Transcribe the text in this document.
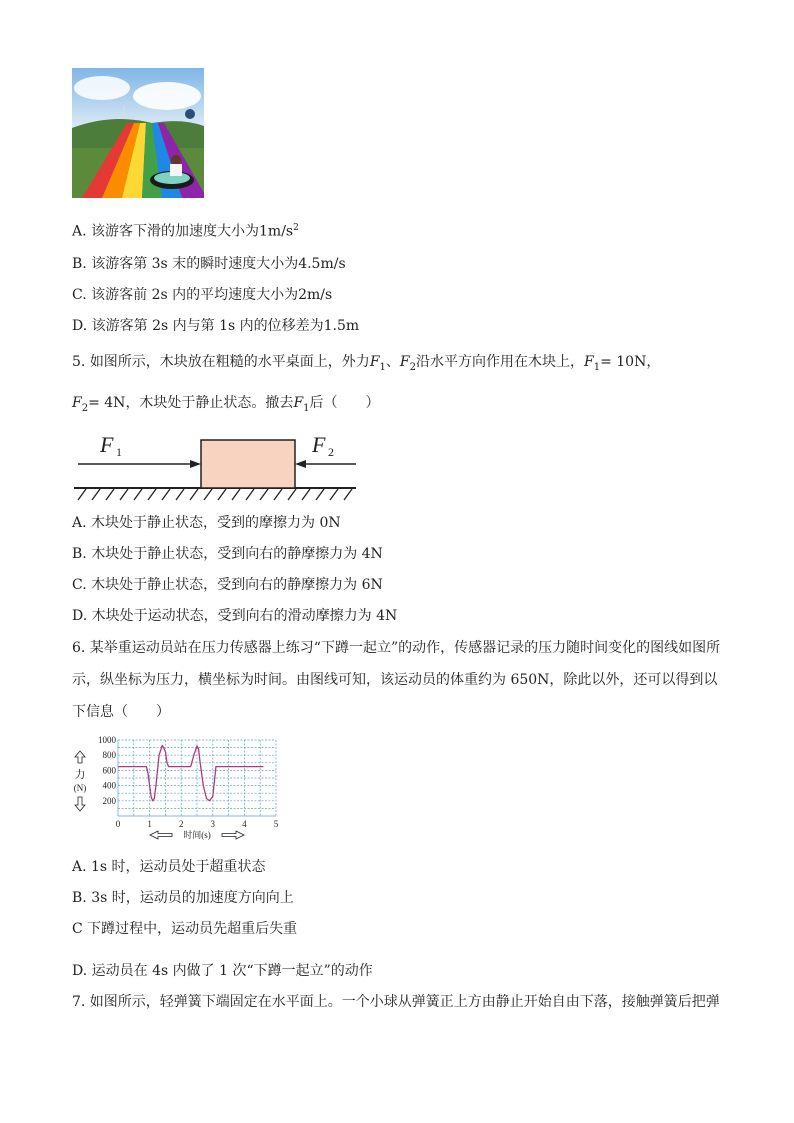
A. 该游客下滑的加速度大小为$1m/s^2$
B. 该游客第 3s 末的瞬时速度大小为4.5m/s
C. 该游客前 2s 内的平均速度大小为2m/s
D. 该游客第 2s 内与第 1s 内的位移差为1.5m
5. 如图所示，木块放在粗糙的水平桌面上，外力$F_1$、$F_2$沿水平方向作用在木块上，$F_1= 10N$，
$F_2= 4N$，木块处于静止状态。撤去$F_1$后（　　）
F 1	F 2
A. 木块处于静止状态，受到的摩擦力为 0N
B. 木块处于静止状态，受到向右的静摩擦力为 4N
C. 木块处于静止状态，受到向右的静摩擦力为 6N
D. 木块处于运动状态，受到向右的滑动摩擦力为 4N
6. 某举重运动员站在压力传感器上练习“下蹲一起立”的动作，传感器记录的压力随时间变化的图线如图所
示，纵坐标为压力，横坐标为时间。由图线可知，该运动员的体重约为 650N，除此以外，还可以得到以
下信息（　　）
200
400
600
800
1000
0	1	2	3	4	5
力
(N)
时间(s)
A. 1s 时，运动员处于超重状态
B. 3s 时，运动员的加速度方向向上
C 下蹲过程中，运动员先超重后失重
D. 运动员在 4s 内做了 1 次“下蹲一起立”的动作
7. 如图所示，轻弹簧下端固定在水平面上。一个小球从弹簧正上方由静止开始自由下落，接触弹簧后把弹
